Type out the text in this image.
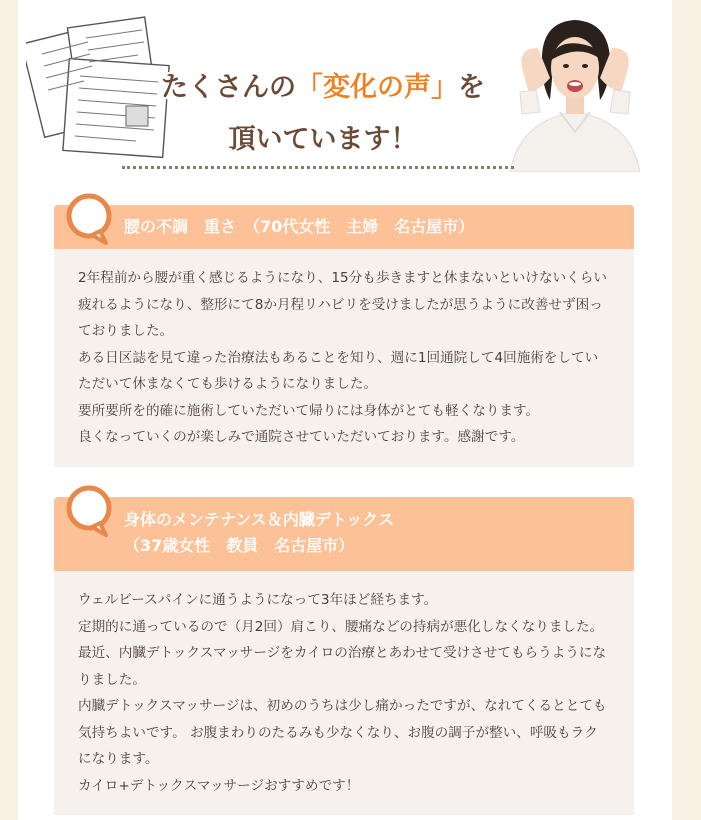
たくさんの「変化の声」を
頂いています！
腰の不調　重さ　（70代女性　主婦　名古屋市）

2年程前から腰が重く感じるようになり、15分も歩きますと休まないといけないくらい疲れるようになり、整形にて8か月程リハビリを受けましたが思うように改善せず困っておりました。

ある日区誌を見て違った治療法もあることを知り、週に1回通院して4回施術をしていただいて休まなくても歩けるようになりました。

要所要所を的確に施術していただいて帰りには身体がとても軽くなります。

良くなっていくのが楽しみで通院させていただいております。感謝です。

身体のメンテナンス＆内臓デトックス
（37歳女性　教員　名古屋市）

ウェルビースパインに通うようになって3年ほど経ちます。

定期的に通っているので（月2回）肩こり、腰痛などの持病が悪化しなくなりました。 最近、内臓デトックスマッサージをカイロの治療とあわせて受けさせてもらうようになりました。

内臓デトックスマッサージは、初めのうちは少し痛かったですが、なれてくるととても気持ちよいです。 お腹まわりのたるみも少なくなり、お腹の調子が整い、呼吸もラクになります。

カイロ+デトックスマッサージおすすめです！
